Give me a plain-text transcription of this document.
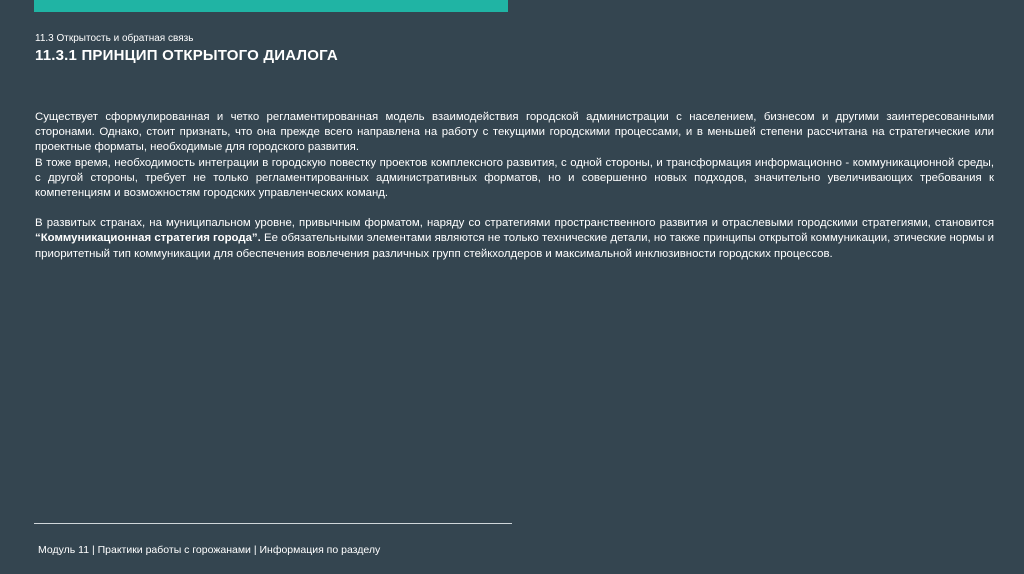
11.3 Открытость и обратная связь
11.3.1 ПРИНЦИП ОТКРЫТОГО ДИАЛОГА

Существует сформулированная и четко регламентированная модель взаимодействия городской администрации с населением, бизнесом и другими заинтересованными сторонами. Однако, стоит признать, что она прежде всего направлена на работу с текущими городскими процессами, и в меньшей степени рассчитана на стратегические или проектные форматы, необходимые для городского развития.

В тоже время, необходимость интеграции в городскую повестку проектов комплексного развития, с одной стороны, и трансформация информационно - коммуникационной среды, с другой стороны, требует не только регламентированных административных форматов, но и совершенно новых подходов, значительно увеличивающих требования к компетенциям и возможностям городских управленческих команд.

В развитых странах, на муниципальном уровне, привычным форматом, наряду со стратегиями пространственного развития и отраслевыми городскими стратегиями, становится “Коммуникационная стратегия города”. Ее обязательными элементами являются не только технические детали, но также принципы открытой коммуникации, этические нормы и приоритетный тип коммуникации для обеспечения вовлечения различных групп стейкхолдеров и максимальной инклюзивности городских процессов.

Модуль 11 | Практики работы с горожанами | Информация по разделу
